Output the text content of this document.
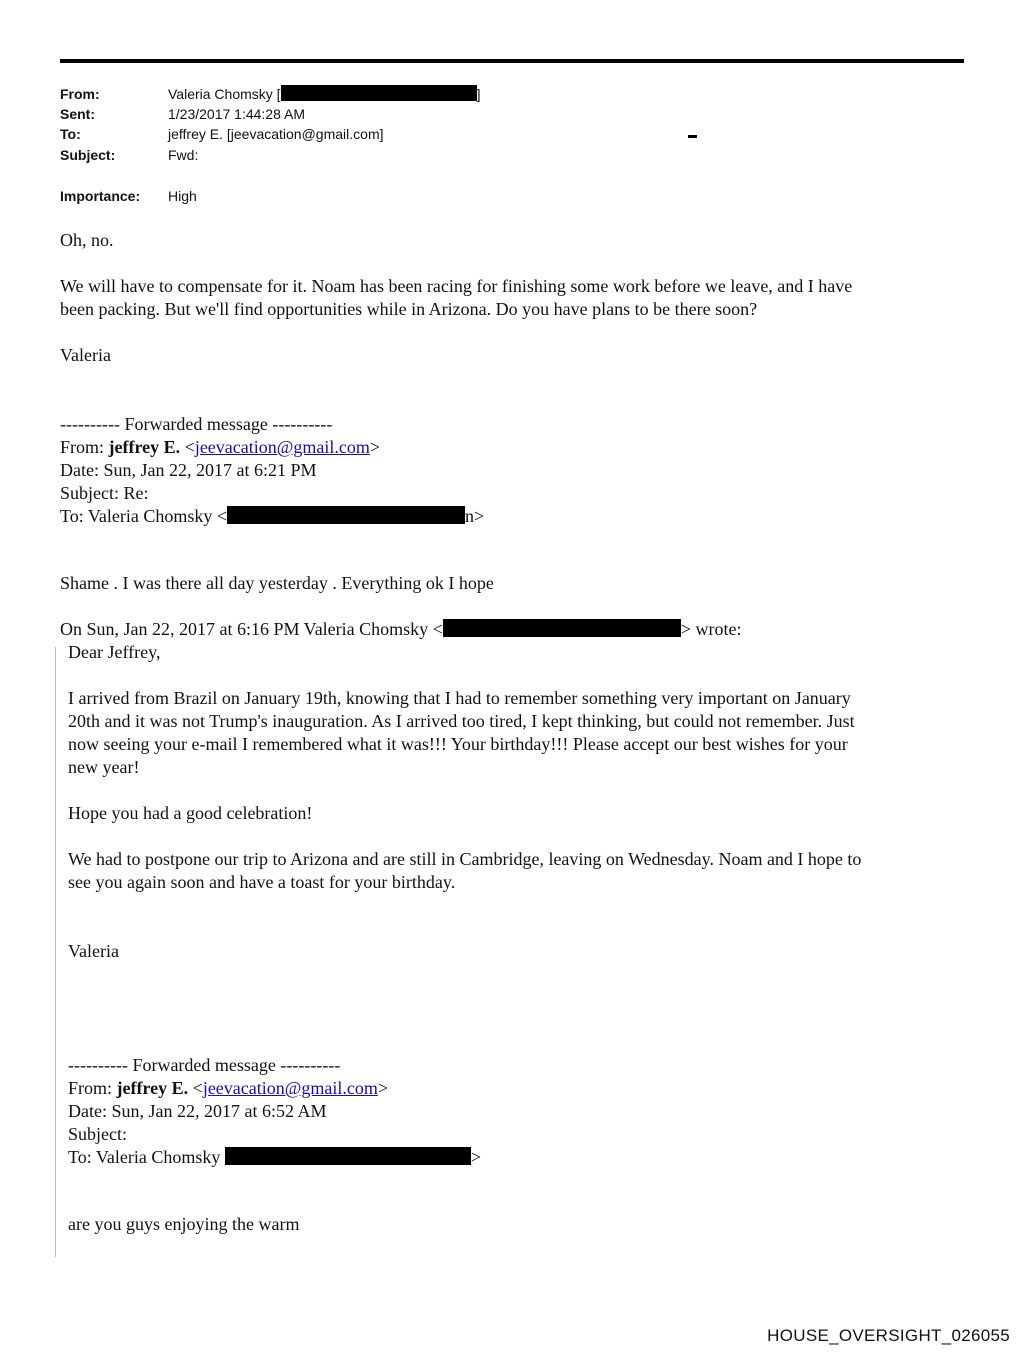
From:	Valeria Chomsky [	]
Sent:	1/23/2017 1:44:28 AM
To:	jeffrey E. [jeevacation@gmail.com]
Subject:	Fwd:
Importance: High
Oh, no.
We will have to compensate for it. Noam has been racing for finishing some work before we leave, and I have
been packing. But we'll find opportunities while in Arizona. Do you have plans to be there soon?
Valeria
---------- Forwarded message ----------
From: jeffrey E. <jeevacation@gmail.com>
Date: Sun, Jan 22, 2017 at 6:21 PM
Subject: Re:
To: Valeria Chomsky <	n>
Shame . I was there all day yesterday . Everything ok I hope
On Sun, Jan 22, 2017 at 6:16 PM Valeria Chomsky <	> wrote:
Dear Jeffrey,
I arrived from Brazil on January 19th, knowing that I had to remember something very important on January
20th and it was not Trump's inauguration. As I arrived too tired, I kept thinking, but could not remember. Just
now seeing your e-mail I remembered what it was!!! Your birthday!!! Please accept our best wishes for your
new year!
Hope you had a good celebration!
We had to postpone our trip to Arizona and are still in Cambridge, leaving on Wednesday. Noam and I hope to
see you again soon and have a toast for your birthday.
Valeria
---------- Forwarded message ----------
From: jeffrey E. <jeevacation@gmail.com>
Date: Sun, Jan 22, 2017 at 6:52 AM
Subject:
To: Valeria Chomsky	>
are you guys enjoying the warm
HOUSE_OVERSIGHT_026055
